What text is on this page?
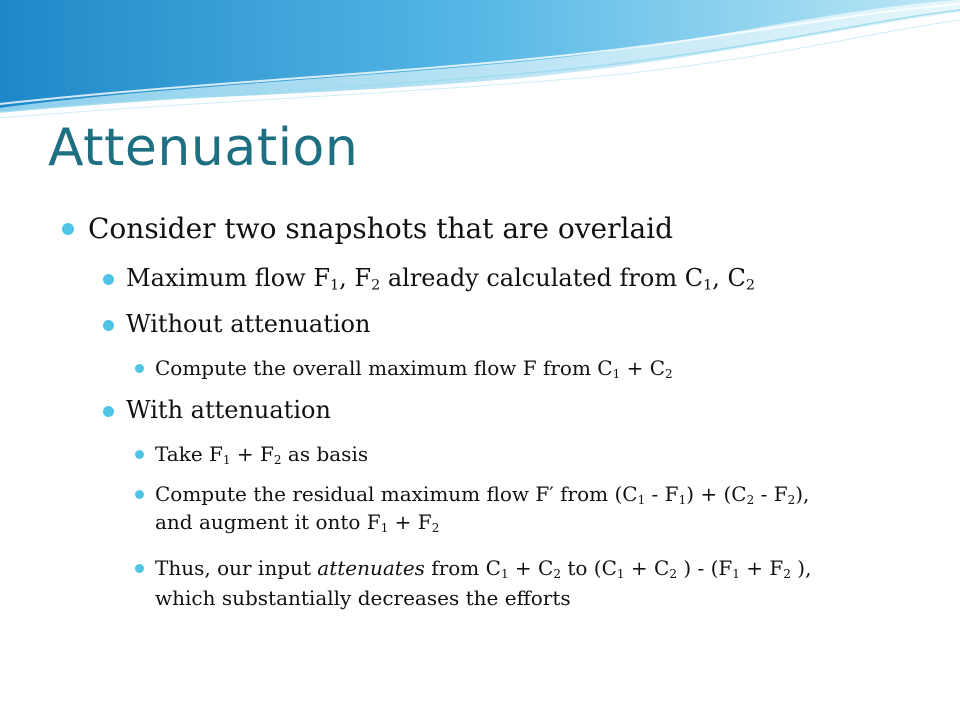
Attenuation
Consider two snapshots that are overlaid
Maximum flow $F_1$, $F_2$ already calculated from $C_1$, $C_2$
Without attenuation
Compute the overall maximum flow F from $C_1 + C_2$
With attenuation
Take $F_1 + F_2$ as basis
Compute the residual maximum flow F′ from $(C_1 - F_1) + (C_2 - F_2)$,
and augment it onto $F_1 + F_2$
Thus, our input attenuates from $C_1 + C_2$ to ($C_1 + C_2$ ) - ($F_1 + F_2$ ),
which substantially decreases the efforts
